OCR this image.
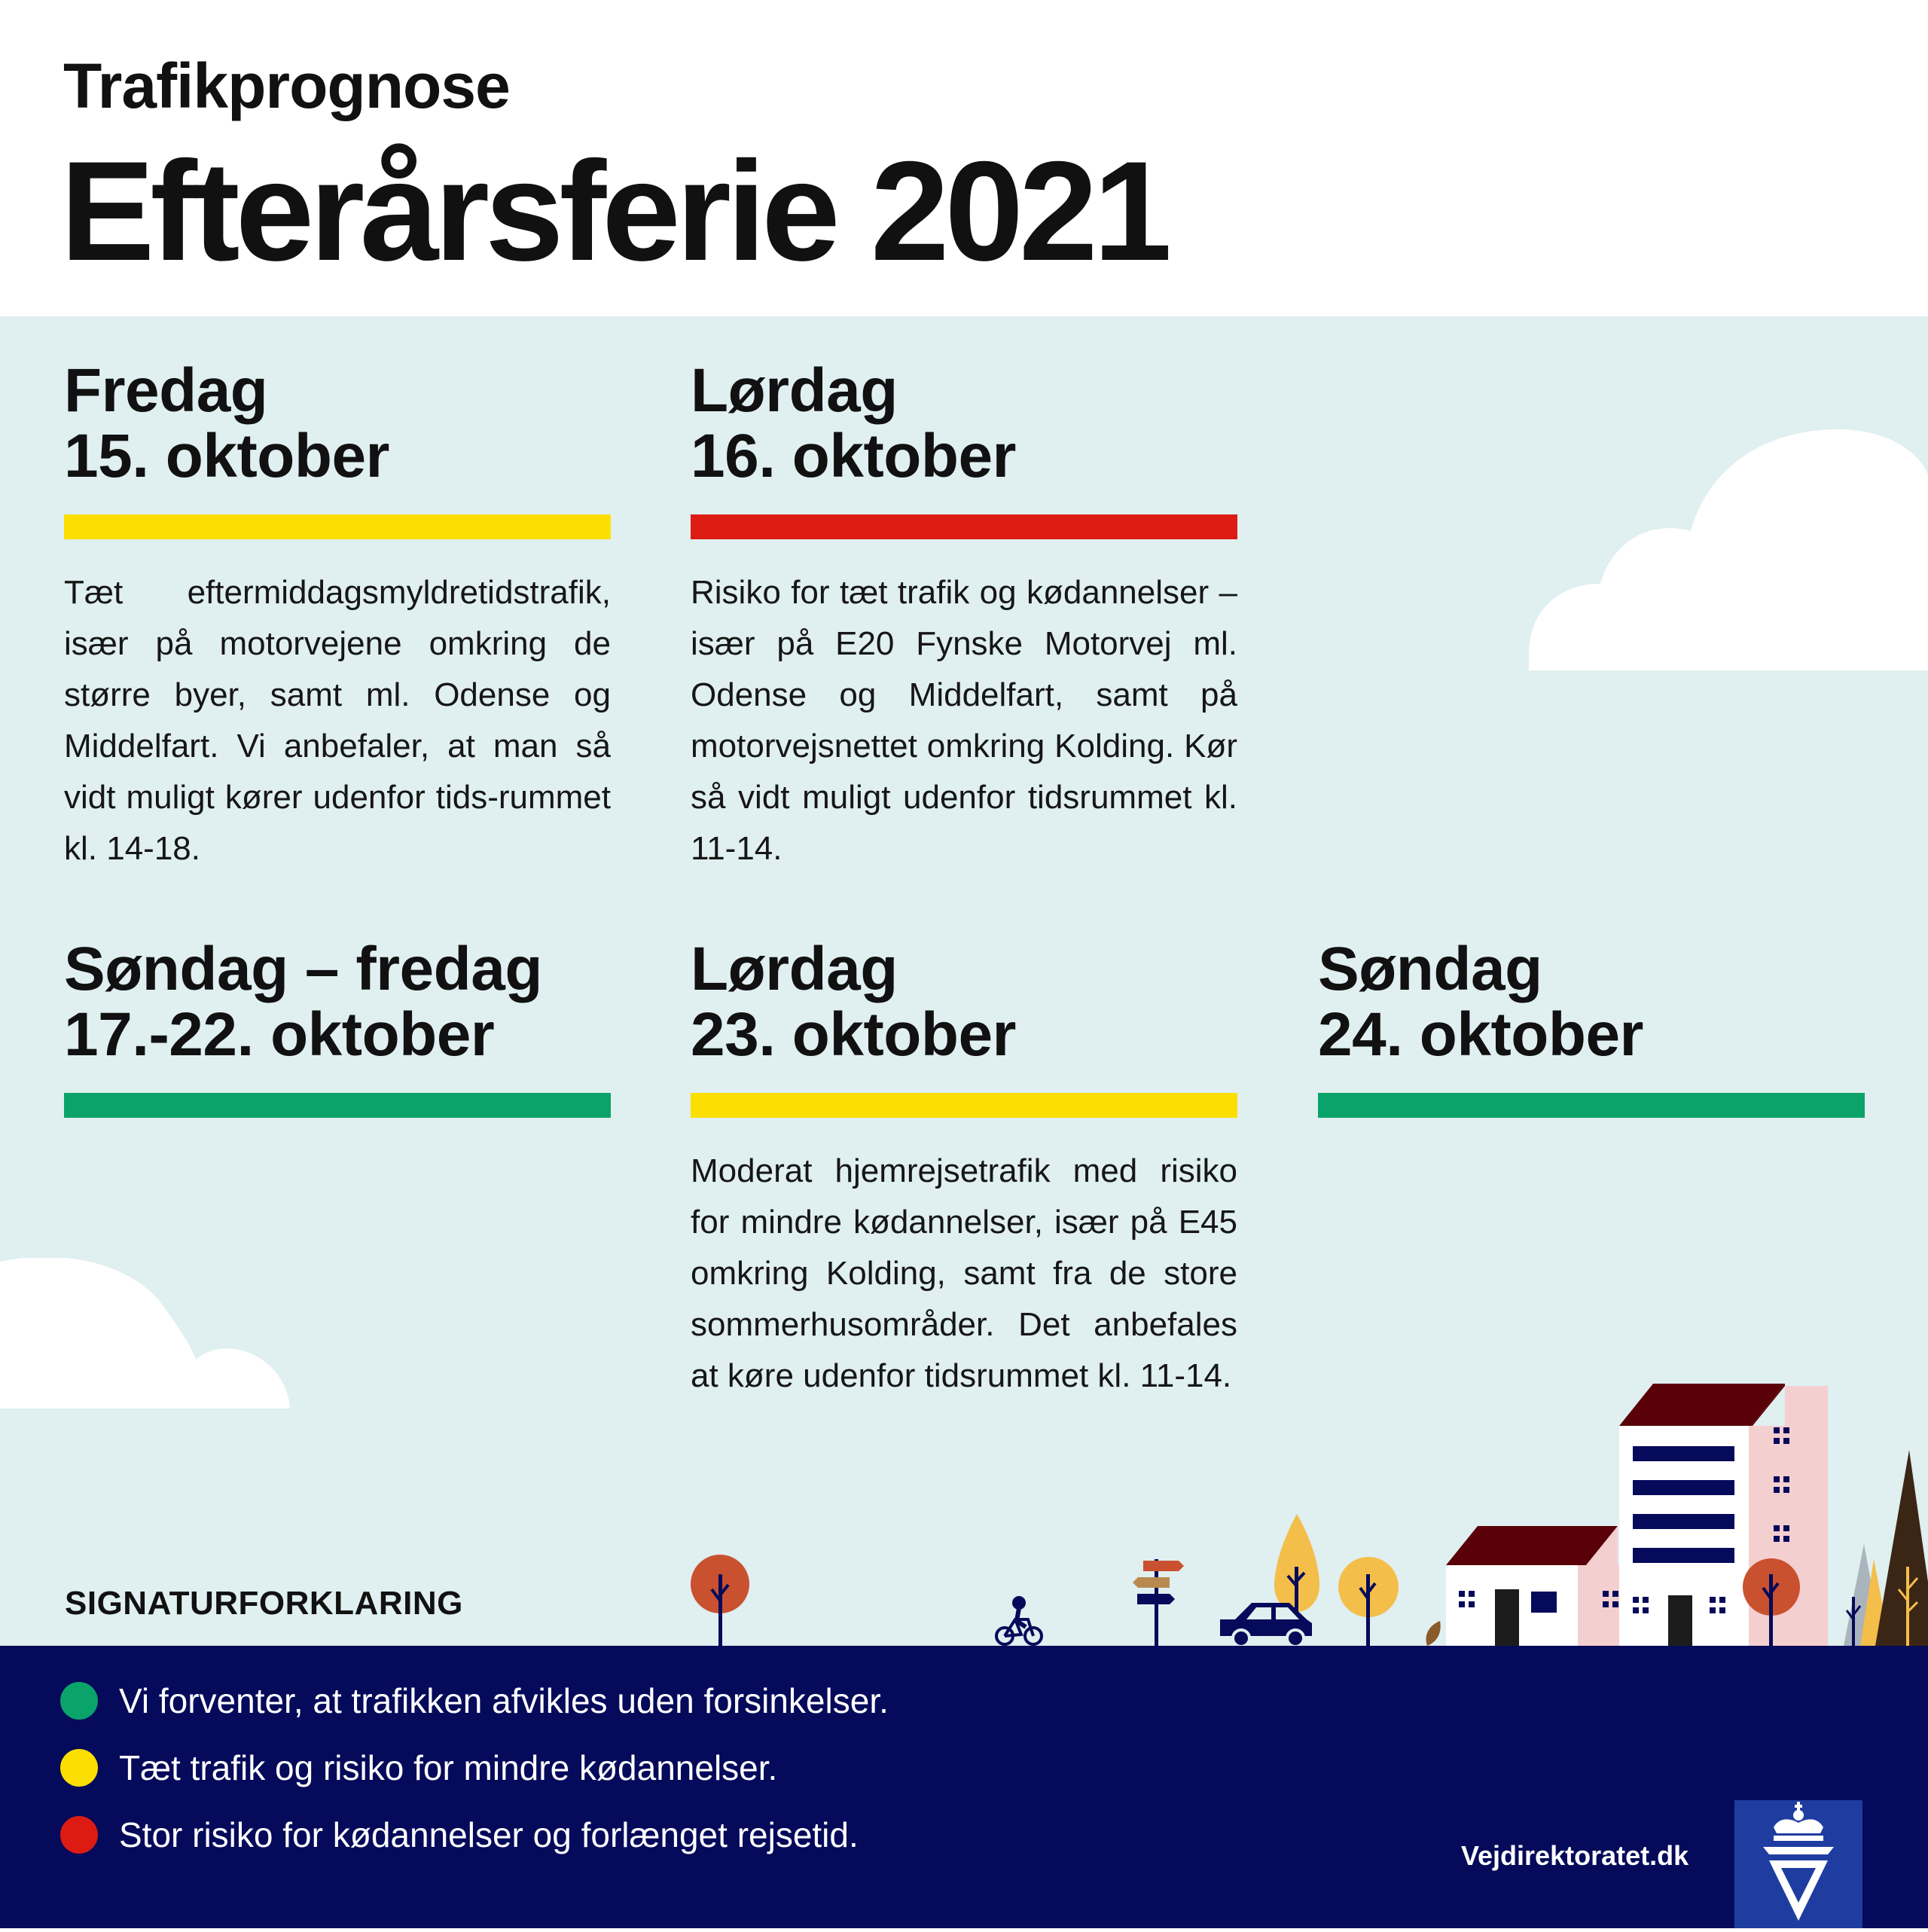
Trafikprognose
Efterårsferie 2021
Fredag
15. oktober
Tæt eftermiddagsmyldretidstrafik, især på motorvejene omkring de større byer, samt ml. Odense og Middelfart. Vi anbefaler, at man så vidt muligt kører udenfor tids-rummet kl. 14-18.
Lørdag
16. oktober
Risiko for tæt trafik og kødannelser – især på E20 Fynske Motorvej ml. Odense og Middelfart, samt på motorvejsnettet omkring Kolding. Kør så vidt muligt udenfor tidsrummet kl. 11-14.
Søndag – fredag
17.-22. oktober
Lørdag
23. oktober
Moderat hjemrejsetrafik med risiko for mindre kødannelser, især på E45 omkring Kolding, samt fra de store sommerhusområder. Det anbefales at køre udenfor tidsrummet kl. 11-14.
Søndag
24. oktober
SIGNATURFORKLARING
Vi forventer, at trafikken afvikles uden forsinkelser.
Tæt trafik og risiko for mindre kødannelser.
Stor risiko for kødannelser og forlænget rejsetid.
Vejdirektoratet.dk
